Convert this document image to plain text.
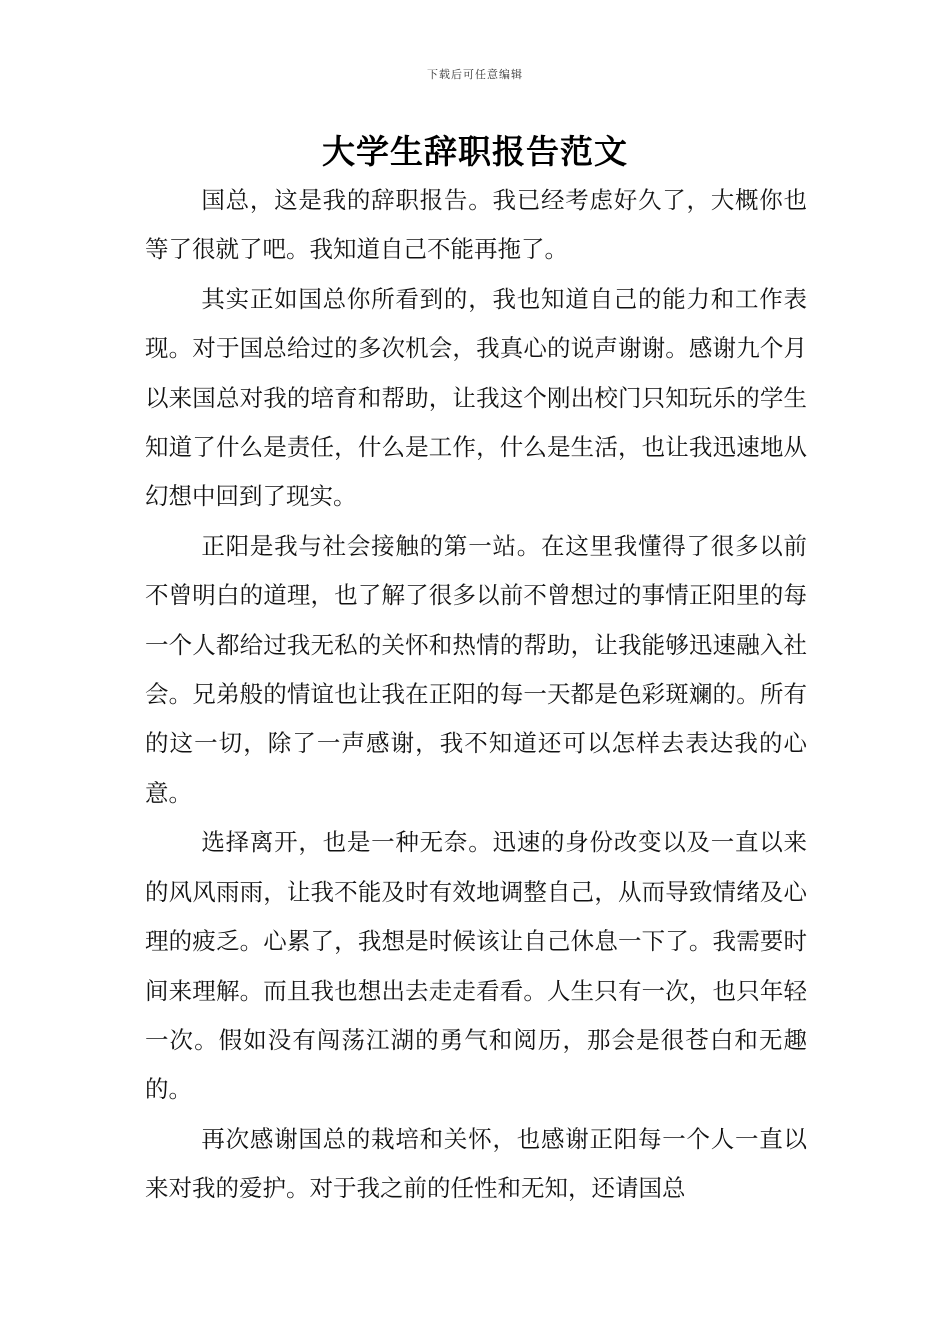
下载后可任意编辑
大学生辞职报告范文

国总，这是我的辞职报告。我已经考虑好久了，大概你也等了很就了吧。我知道自己不能再拖了。

其实正如国总你所看到的，我也知道自己的能力和工作表现。对于国总给过的多次机会，我真心的说声谢谢。感谢九个月以来国总对我的培育和帮助，让我这个刚出校门只知玩乐的学生知道了什么是责任，什么是工作，什么是生活，也让我迅速地从幻想中回到了现实。

正阳是我与社会接触的第一站。在这里我懂得了很多以前不曾明白的道理，也了解了很多以前不曾想过的事情正阳里的每一个人都给过我无私的关怀和热情的帮助，让我能够迅速融入社会。兄弟般的情谊也让我在正阳的每一天都是色彩斑斓的。所有的这一切，除了一声感谢，我不知道还可以怎样去表达我的心意。

选择离开，也是一种无奈。迅速的身份改变以及一直以来的风风雨雨，让我不能及时有效地调整自己，从而导致情绪及心理的疲乏。心累了，我想是时候该让自己休息一下了。我需要时间来理解。而且我也想出去走走看看。人生只有一次，也只年轻一次。假如没有闯荡江湖的勇气和阅历，那会是很苍白和无趣的。

再次感谢国总的栽培和关怀，也感谢正阳每一个人一直以来对我的爱护。对于我之前的任性和无知，还请国总
